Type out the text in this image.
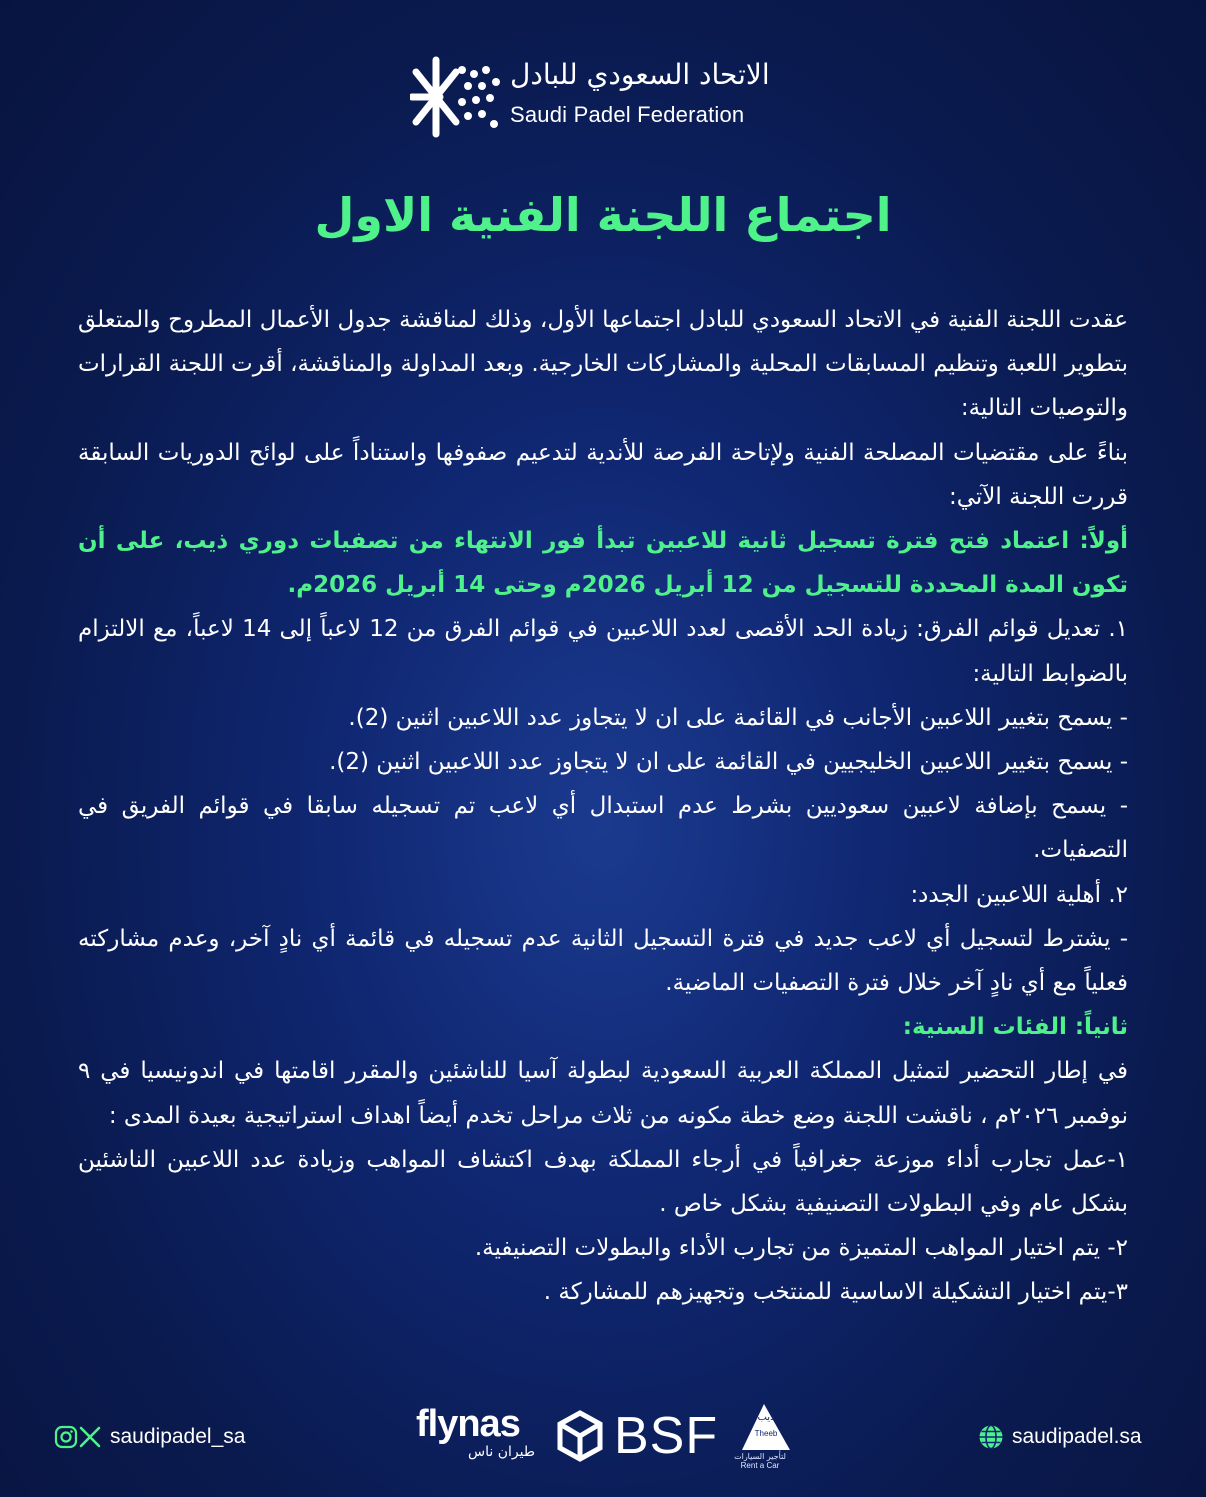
الاتحاد السعودي للبادل
Saudi Padel Federation
اجتماع اللجنة الفنية الاول

عقدت اللجنة الفنية في الاتحاد السعودي للبادل اجتماعها الأول، وذلك لمناقشة جدول الأعمال المطروح والمتعلق بتطوير اللعبة وتنظيم المسابقات المحلية والمشاركات الخارجية. وبعد المداولة والمناقشة، أقرت اللجنة القرارات والتوصيات التالية:

بناءً على مقتضيات المصلحة الفنية ولإتاحة الفرصة للأندية لتدعيم صفوفها واستناداً على لوائح الدوريات السابقة قررت اللجنة الآتي:

أولاً: اعتماد فتح فترة تسجيل ثانية للاعبين تبدأ فور الانتهاء من تصفيات دوري ذيب، على أن تكون المدة المحددة للتسجيل من 12 أبريل 2026م وحتى 14 أبريل 2026م.

١. تعديل قوائم الفرق: زيادة الحد الأقصى لعدد اللاعبين في قوائم الفرق من 12 لاعباً إلى 14 لاعباً، مع الالتزام بالضوابط التالية:

- يسمح بتغيير اللاعبين الأجانب في القائمة على ان لا يتجاوز عدد اللاعبين اثنين (2).

- يسمح بتغيير اللاعبين الخليجيين في القائمة على ان لا يتجاوز عدد اللاعبين اثنين (2).

- يسمح بإضافة لاعبين سعوديين بشرط عدم استبدال أي لاعب تم تسجيله سابقا في قوائم الفريق في التصفيات.

٢. أهلية اللاعبين الجدد:

- يشترط لتسجيل أي لاعب جديد في فترة التسجيل الثانية عدم تسجيله في قائمة أي نادٍ آخر، وعدم مشاركته فعلياً مع أي نادٍ آخر خلال فترة التصفيات الماضية.

ثانياً: الفئات السنية:

في إطار التحضير لتمثيل المملكة العربية السعودية لبطولة آسيا للناشئين والمقرر اقامتها في اندونيسيا في ٩ نوفمبر ٢٠٢٦م ، ناقشت اللجنة وضع خطة مكونه من ثلاث مراحل تخدم أيضاً اهداف استراتيجية بعيدة المدى :

١-عمل تجارب أداء موزعة جغرافياً في أرجاء المملكة بهدف اكتشاف المواهب وزيادة عدد اللاعبين الناشئين بشكل عام وفي البطولات التصنيفية بشكل خاص .

٢- يتم اختيار المواهب المتميزة من تجارب الأداء والبطولات التصنيفية.

٣-يتم اختيار التشكيلة الاساسية للمنتخب وتجهيزهم للمشاركة .

saudipadel_sa	flynas
طيران ناس BSF	ذيب
Theeb
لتأجير السيارات
Rent a Car
saudipadel.sa
